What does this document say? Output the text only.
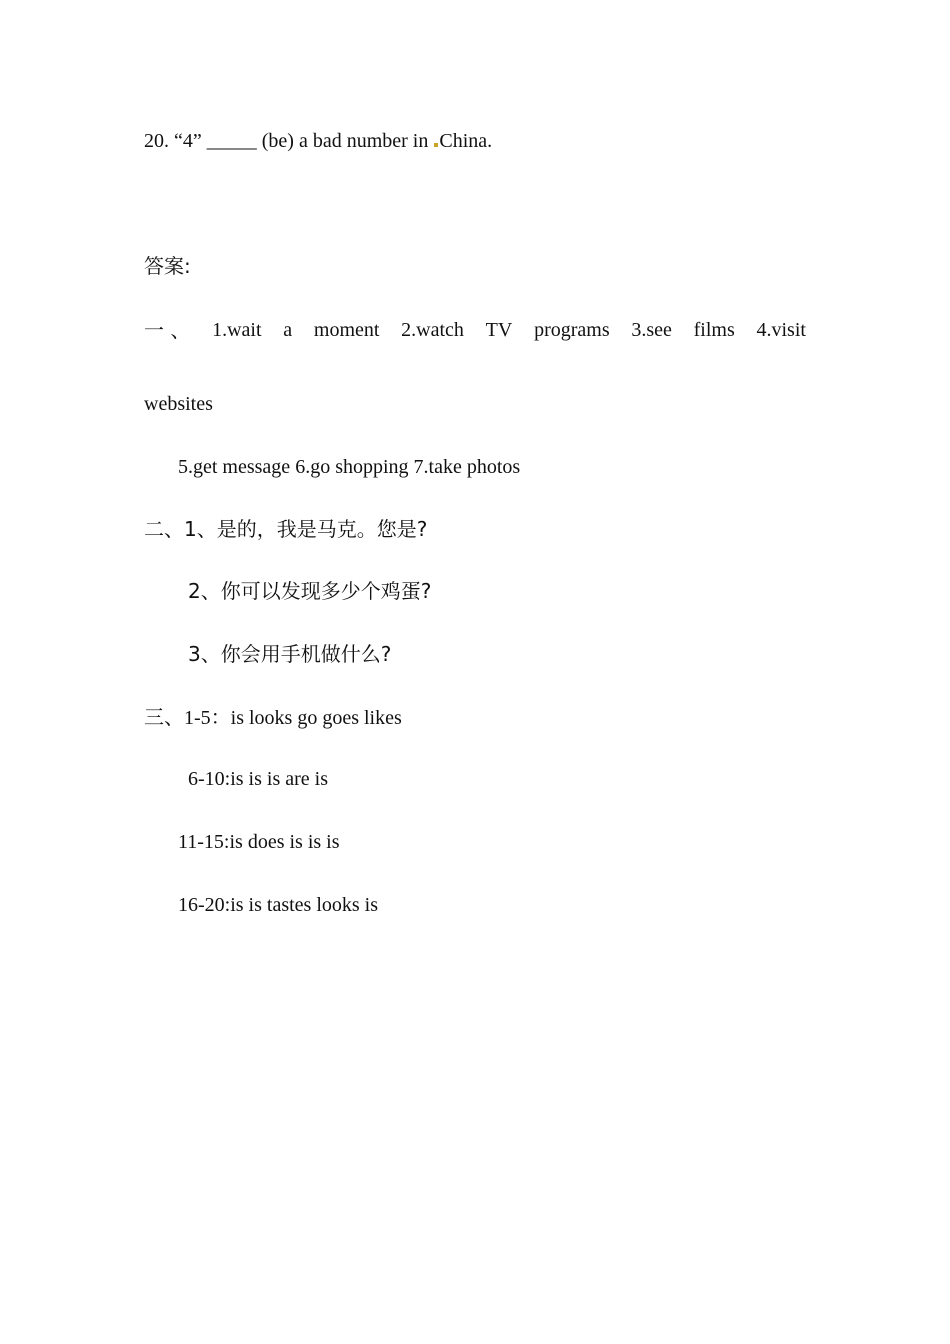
20. “4” _____ (be) a bad number in China.
答案:
一 、 1.wait a moment 2.watch TV programs 3.see films 4.visit
websites
5.get message 6.go shopping 7.take photos
二、1、是的，我是马克。您是?
2、你可以发现多少个鸡蛋?
3、你会用手机做什么?
三、1-5：is looks go goes likes
6-10:is is is are is
11-15:is does is is is
16-20:is is tastes looks is
